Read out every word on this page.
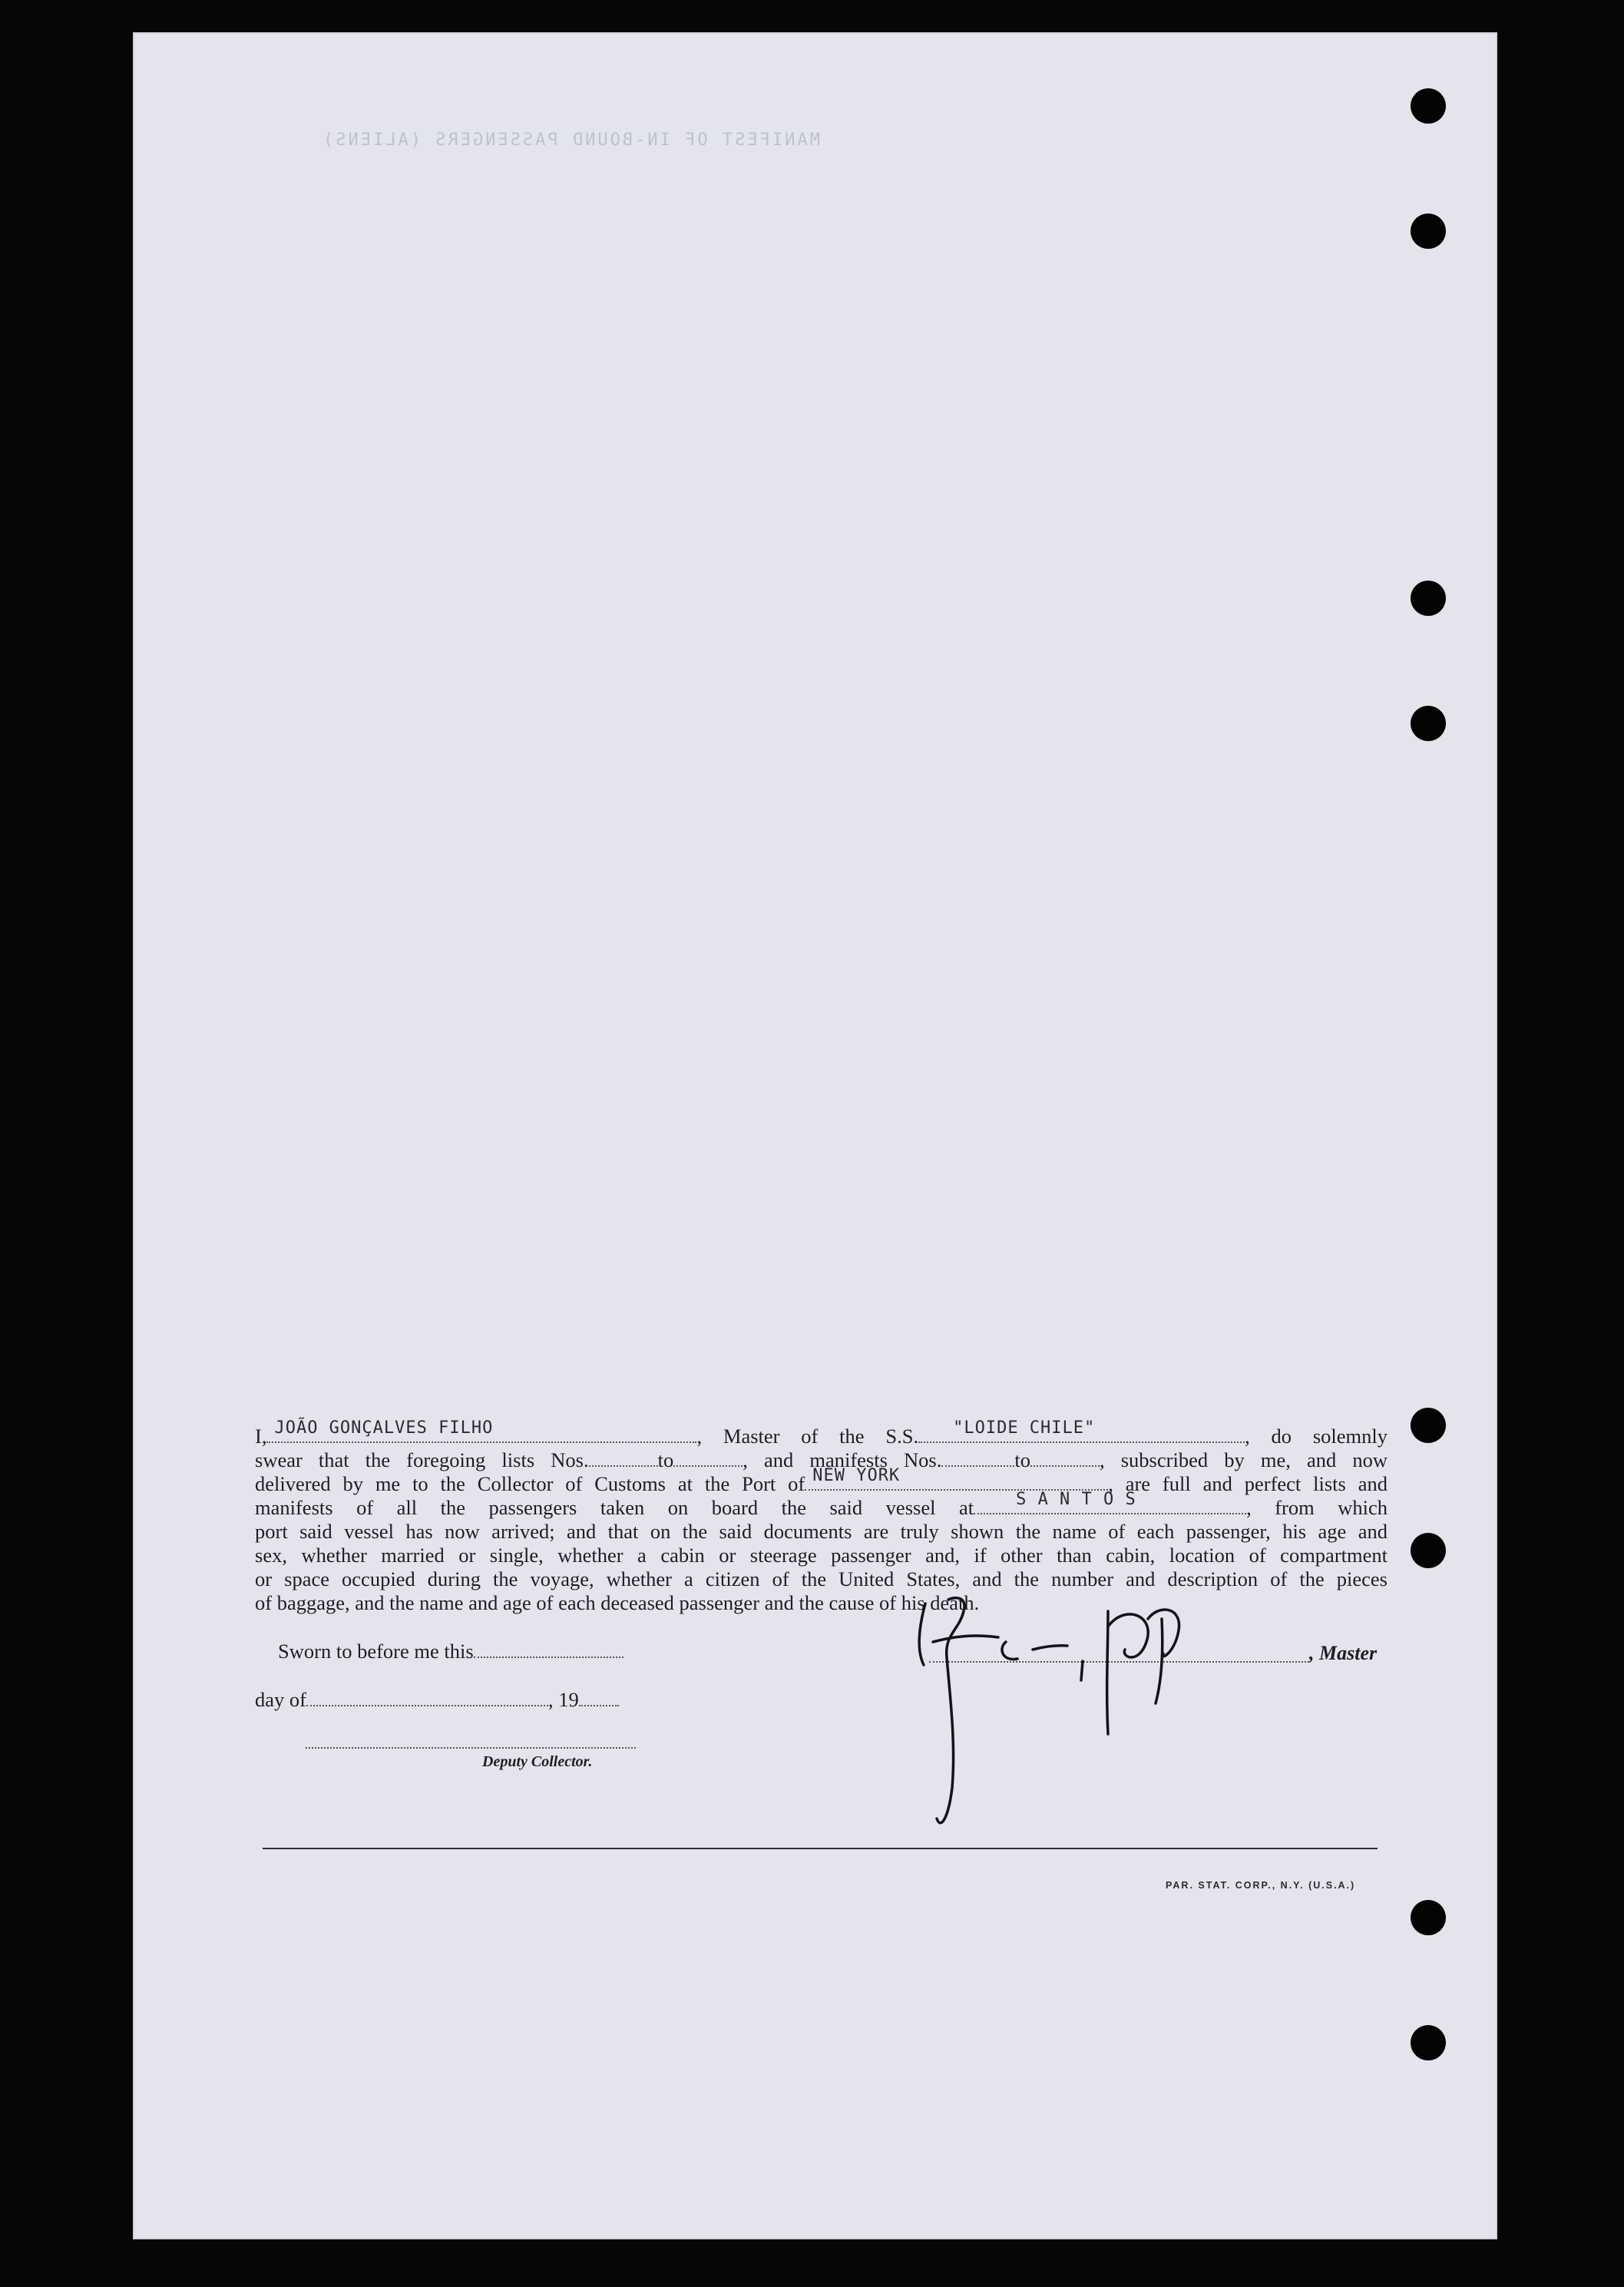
MANIFEST OF IN-BOUND PASSENGERS (ALIENS)
I, JOÃO GONÇALVES FILHO	, Master of the S.S. "LOIDE CHILE"	, do solemnly
swear that the foregoing lists Nos.	to	, and manifests Nos.	to	, subscribed by me, and now
delivered by me to the Collector of Customs at the Port of NEW YORK	, are full and perfect lists and
manifests of all the passengers taken on board the said vessel at	S A N T O S	, from which
port said vessel has now arrived; and that on the said documents are truly shown the name of each passenger, his age and
sex, whether married or single, whether a cabin or steerage passenger and, if other than cabin, location of compartment
or space occupied during the voyage, whether a citizen of the United States, and the number and description of the pieces
of baggage, and the name and age of each deceased passenger and the cause of his death.
Sworn to before me this
day of	, 19
Deputy Collector.
, Master
PAR. STAT. CORP., N.Y. (U.S.A.)
